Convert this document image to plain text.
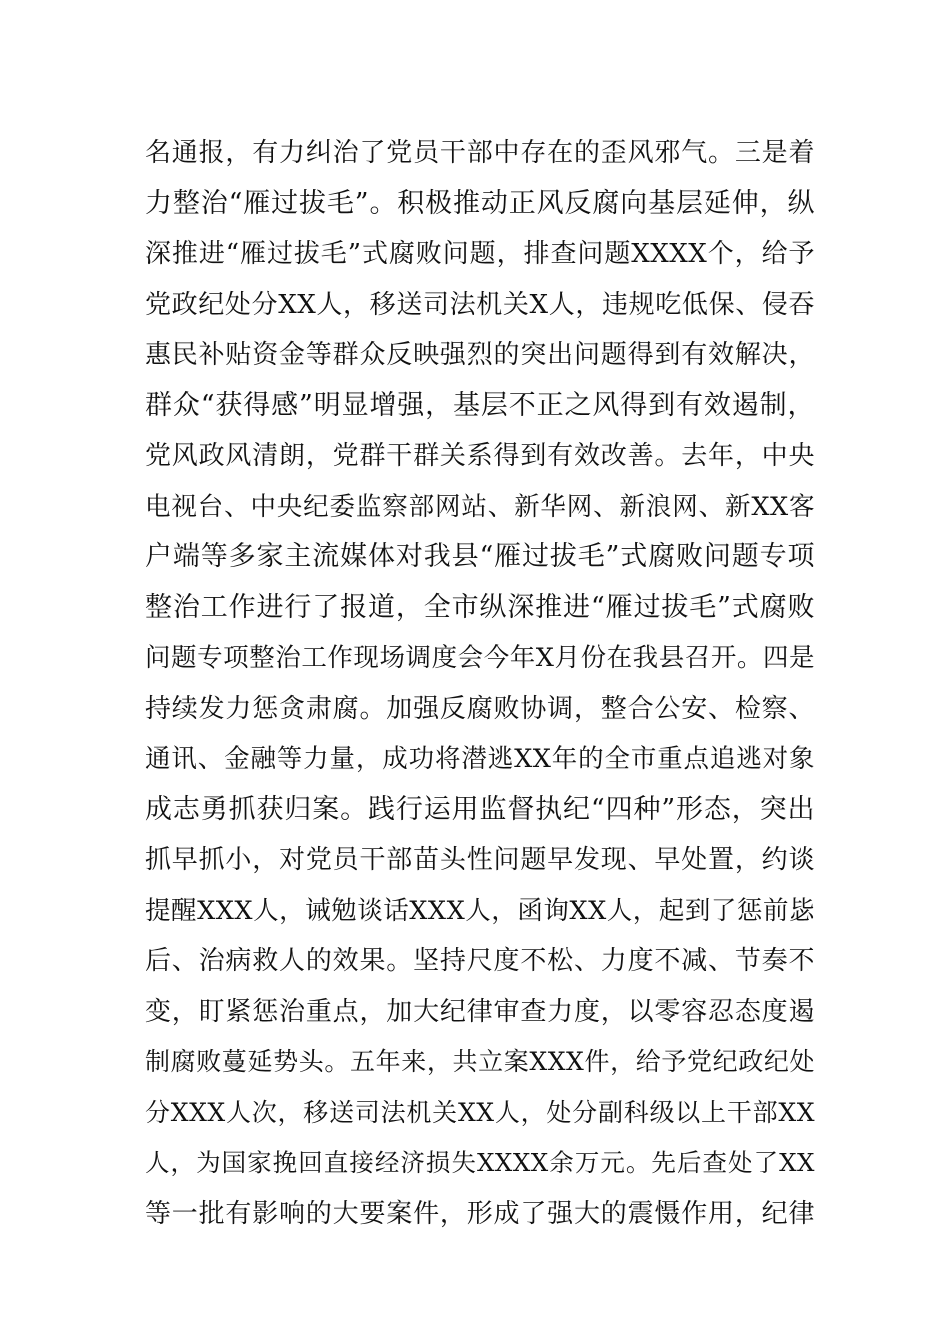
名通报，有力纠治了党员干部中存在的歪风邪气。三是着
力整治“雁过拔毛”。积极推动正风反腐向基层延伸，纵
深推进“雁过拔毛”式腐败问题，排查问题XXXX个，给予
党政纪处分XX人，移送司法机关X人，违规吃低保、侵吞
惠民补贴资金等群众反映强烈的突出问题得到有效解决，
群众“获得感”明显增强，基层不正之风得到有效遏制，
党风政风清朗，党群干群关系得到有效改善。去年，中央
电视台、中央纪委监察部网站、新华网、新浪网、新XX客
户端等多家主流媒体对我县“雁过拔毛”式腐败问题专项
整治工作进行了报道，全市纵深推进“雁过拔毛”式腐败
问题专项整治工作现场调度会今年X月份在我县召开。四是
持续发力惩贪肃腐。加强反腐败协调，整合公安、检察、
通讯、金融等力量，成功将潜逃XX年的全市重点追逃对象
成志勇抓获归案。践行运用监督执纪“四种”形态，突出
抓早抓小，对党员干部苗头性问题早发现、早处置，约谈
提醒XXX人，诫勉谈话XXX人，函询XX人，起到了惩前毖
后、治病救人的效果。坚持尺度不松、力度不减、节奏不
变，盯紧惩治重点，加大纪律审查力度，以零容忍态度遏
制腐败蔓延势头。五年来，共立案XXX件，给予党纪政纪处
分XXX人次，移送司法机关XX人，处分副科级以上干部XX
人，为国家挽回直接经济损失XXXX余万元。先后查处了XX
等一批有影响的大要案件，形成了强大的震慑作用，纪律
